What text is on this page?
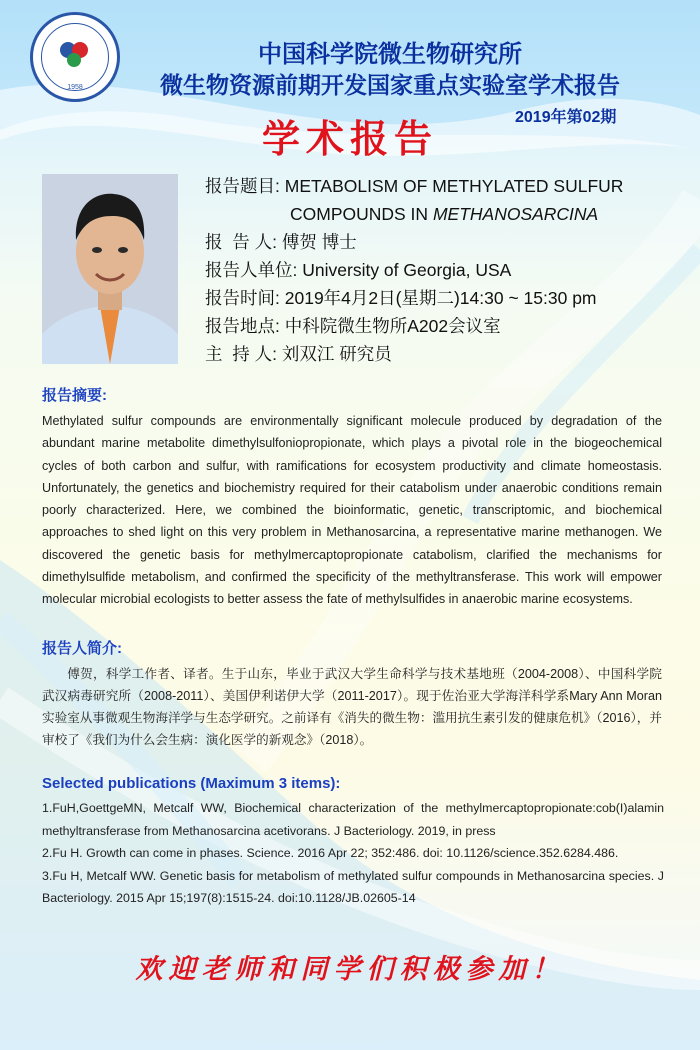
1958
中国科学院微生物研究所
微生物资源前期开发国家重点实验室学术报告
2019年第02期
学术报告
报告题目: METABOLISM OF METHYLATED SULFUR
COMPOUNDS IN METHANOSARCINA
报  告 人: 傅贺 博士
报告人单位: University of Georgia, USA
报告时间: 2019年4月2日(星期二)14:30 ~ 15:30 pm
报告地点: 中科院微生物所A202会议室
主  持 人: 刘双江 研究员
报告摘要:
Methylated sulfur compounds are environmentally significant molecule produced by degradation of the abundant marine metabolite dimethylsulfoniopropionate, which plays a pivotal role in the biogeochemical cycles of both carbon and sulfur, with ramifications for ecosystem productivity and climate homeostasis. Unfortunately, the genetics and biochemistry required for their catabolism under anaerobic conditions remain poorly characterized. Here, we combined the bioinformatic, genetic, transcriptomic, and biochemical approaches to shed light on this very problem in Methanosarcina, a representative marine methanogen. We discovered the genetic basis for methylmercaptopropionate catabolism, clarified the mechanisms for dimethylsulfide metabolism, and confirmed the specificity of the methyltransferase. This work will empower molecular microbial ecologists to better assess the fate of methylsulfides in anaerobic marine ecosystems.
报告人简介:
傅贺，科学工作者、译者。生于山东，毕业于武汉大学生命科学与技术基地班（2004-2008）、中国科学院武汉病毒研究所（2008-2011）、美国伊利诺伊大学（2011-2017）。现于佐治亚大学海洋科学系Mary Ann Moran实验室从事微观生物海洋学与生态学研究。之前译有《消失的微生物：滥用抗生素引发的健康危机》（2016），并审校了《我们为什么会生病：演化医学的新观念》（2018）。
Selected publications (Maximum 3 items):
1.FuH,GoettgeMN, Metcalf WW, Biochemical characterization of the methylmercaptopropionate:cob(I)alamin methyltransferase from Methanosarcina acetivorans. J Bacteriology. 2019, in press
2.Fu H. Growth can come in phases. Science. 2016 Apr 22; 352:486. doi: 10.1126/science.352.6284.486.
3.Fu H, Metcalf WW. Genetic basis for metabolism of methylated sulfur compounds in Methanosarcina species. J Bacteriology. 2015 Apr 15;197(8):1515-24. doi:10.1128/JB.02605-14
欢迎老师和同学们积极参加！
